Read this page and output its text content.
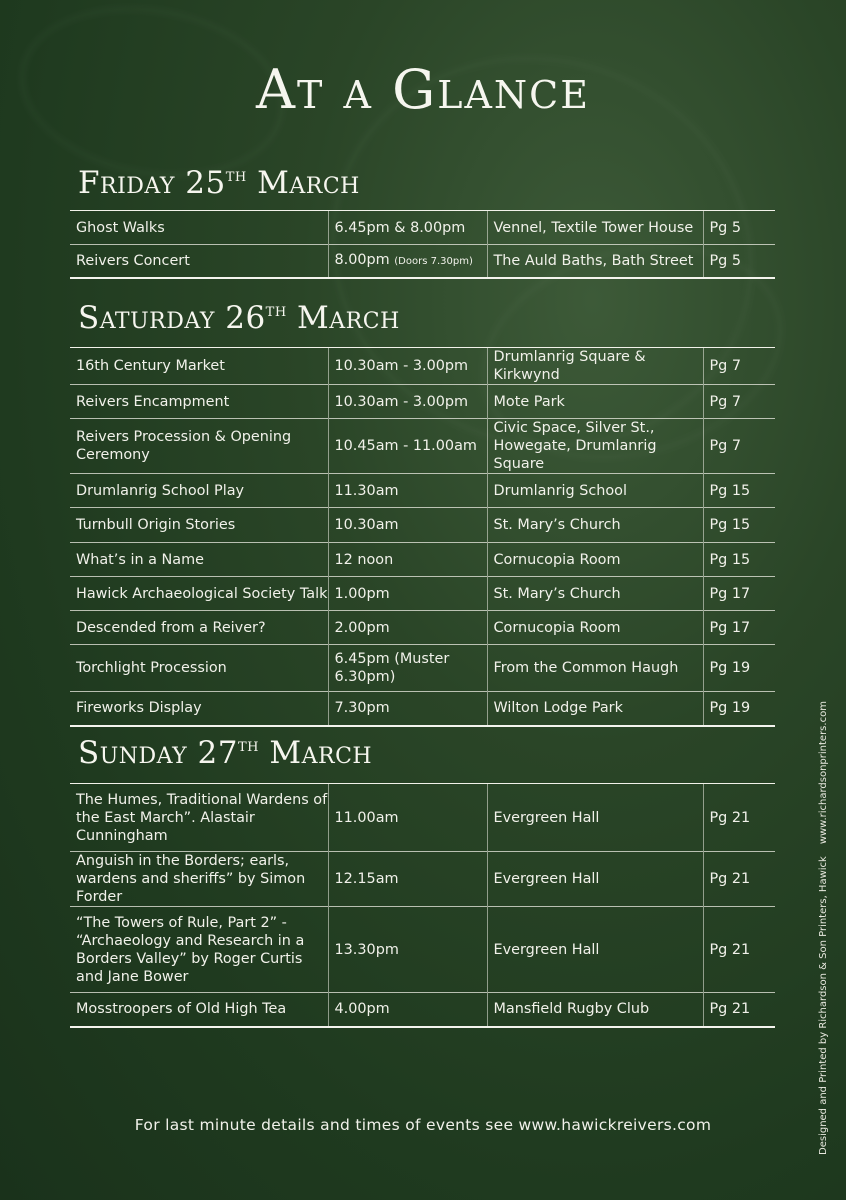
At a Glance
Friday 25th March
Ghost Walks	6.45pm & 8.00pm	Vennel, Textile Tower House	Pg 5
Reivers Concert	8.00pm (Doors 7.30pm)	The Auld Baths, Bath Street	Pg 5
Saturday 26th March
16th Century Market	10.30am - 3.00pm	Drumlanrig Square & Kirkwynd	Pg 7
Reivers Encampment	10.30am - 3.00pm	Mote Park	Pg 7
Reivers Procession & Opening Ceremony	10.45am - 11.00am	Civic Space, Silver St., Howegate, Drumlanrig Square	Pg 7
Drumlanrig School Play	11.30am	Drumlanrig School	Pg 15
Turnbull Origin Stories	10.30am	St. Mary’s Church	Pg 15
What’s in a Name	12 noon	Cornucopia Room	Pg 15
Hawick Archaeological Society Talk	1.00pm	St. Mary’s Church	Pg 17
Descended from a Reiver?	2.00pm	Cornucopia Room	Pg 17
Torchlight Procession	6.45pm (Muster 6.30pm)	From the Common Haugh	Pg 19
Fireworks Display	7.30pm	Wilton Lodge Park	Pg 19
Sunday 27th March
The Humes, Traditional Wardens of the East March”. Alastair Cunningham	11.00am	Evergreen Hall	Pg 21
Anguish in the Borders; earls, wardens and sheriffs” by Simon Forder	12.15am	Evergreen Hall	Pg 21
“The Towers of Rule, Part 2” - “Archaeology and Research in a Borders Valley” by Roger Curtis and Jane Bower	13.30pm	Evergreen Hall	Pg 21
Mosstroopers of Old High Tea	4.00pm	Mansfield Rugby Club	Pg 21
For last minute details and times of events see www.hawickreivers.com	Designed and Printed by Richardson & Son Printers, Hawickwww.richardsonprinters.com
